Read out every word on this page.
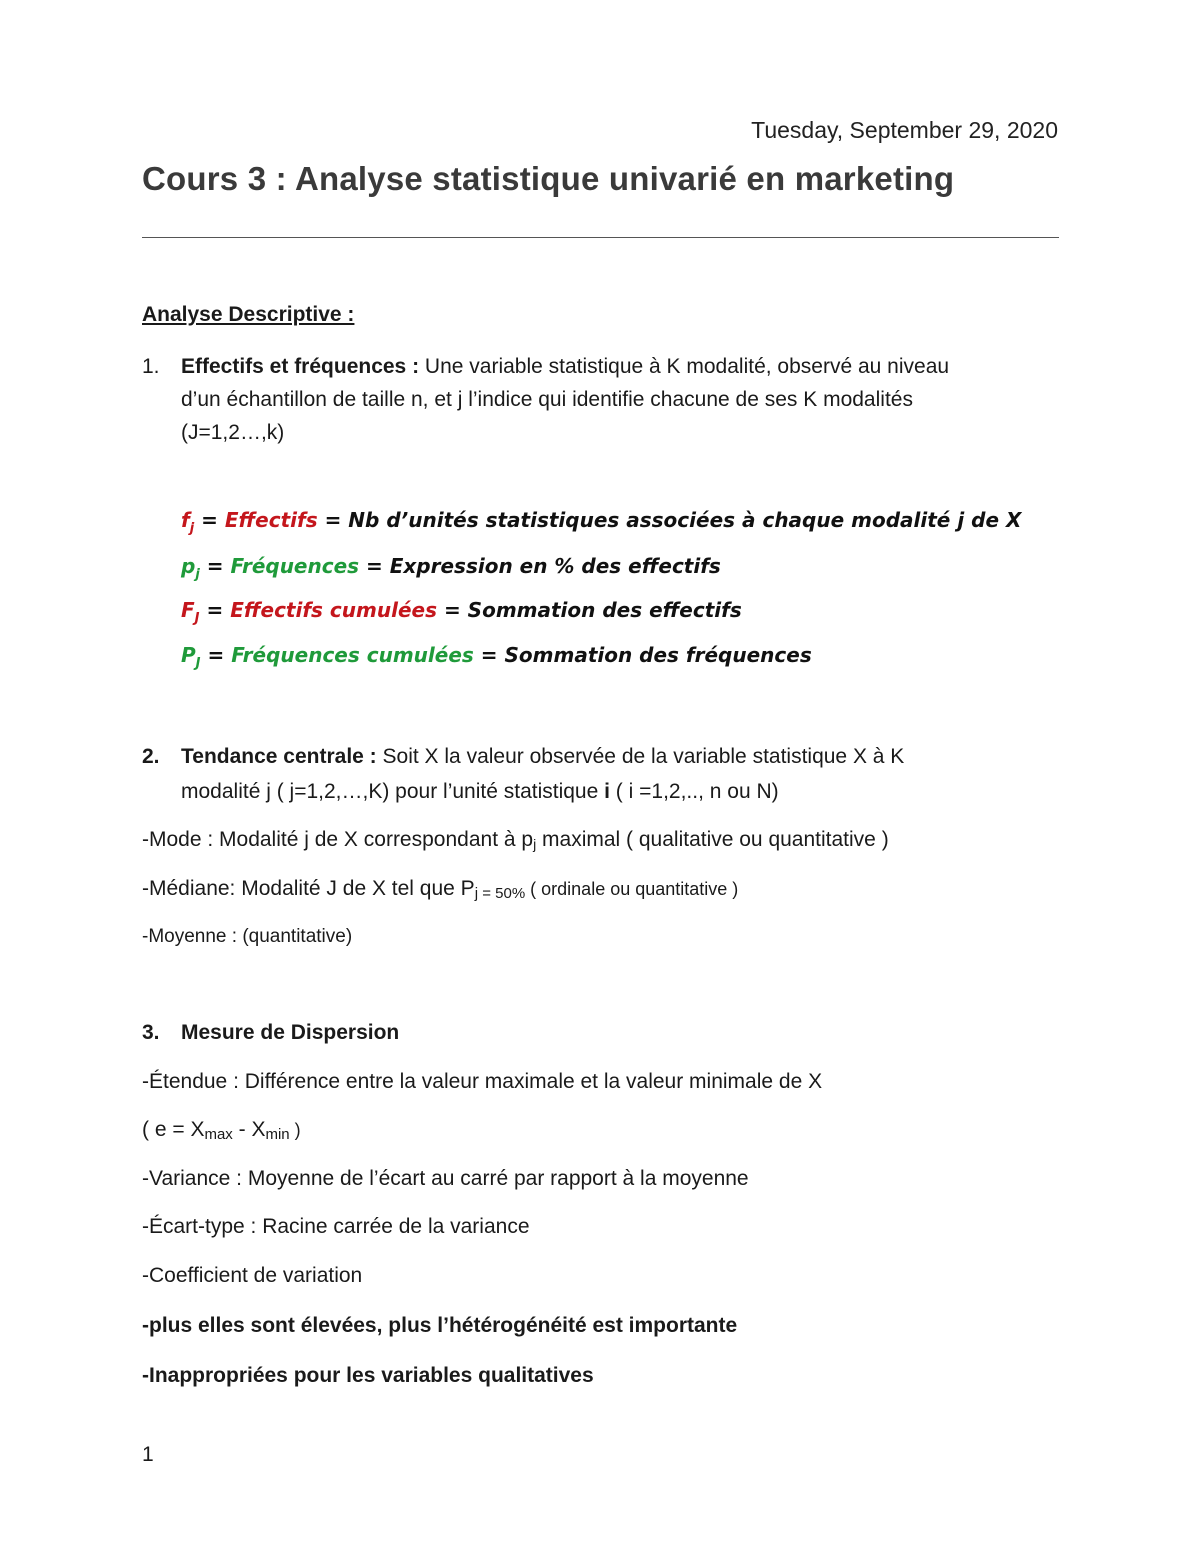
Tuesday, September 29, 2020
Cours 3 : Analyse statistique univarié en marketing
Analyse Descriptive :
1. Effectifs et fréquences : Une variable statistique à K modalité, observé au niveau
d’un échantillon de taille n, et j l’indice qui identifie chacune de ses K modalités
(J=1,2…,k)
$f_j$ = Effectifs = Nb d’unités statistiques associées à chaque modalité j de X
$p_j$ = Fréquences = Expression en % des effectifs
$F_J$ = Effectifs cumulées = Sommation des effectifs
$P_J$ = Fréquences cumulées = Sommation des fréquences
2. Tendance centrale : Soit X la valeur observée de la variable statistique X à K
modalité j ( j=1,2,…,K) pour l’unité statistique i ( i =1,2,.., n ou N)
-Mode : Modalité j de X correspondant à pj maximal ( qualitative ou quantitative )
-Médiane: Modalité J de X tel que Pj = 50% ( ordinale ou quantitative )
-Moyenne : (quantitative)
3. Mesure de Dispersion
-Étendue : Différence entre la valeur maximale et la valeur minimale de X
( e = Xmax - Xmin )
-Variance : Moyenne de l’écart au carré par rapport à la moyenne
-Écart-type : Racine carrée de la variance
-Coefficient de variation
-plus elles sont élevées, plus l’hétérogénéité est importante
-Inappropriées pour les variables qualitatives
1
